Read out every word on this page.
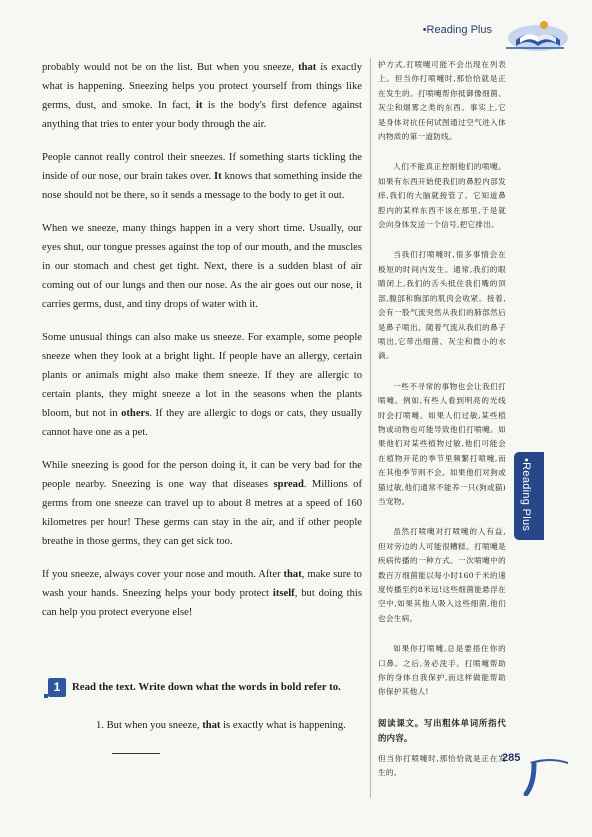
•Reading Plus

probably would not be on the list. But when you sneeze, that is exactly what is happening. Sneezing helps you protect yourself from things like germs, dust, and smoke. In fact, it is the body's first defence against anything that tries to enter your body through the air.

People cannot really control their sneezes. If something starts tickling the inside of our nose, our brain takes over. It knows that something inside the nose should not be there, so it sends a message to the body to get it out.

When we sneeze, many things happen in a very short time. Usually, our eyes shut, our tongue presses against the top of our mouth, and the muscles in our stomach and chest get tight. Next, there is a sudden blast of air coming out of our lungs and then our nose. As the air goes out our nose, it carries germs, dust, and tiny drops of water with it.

Some unusual things can also make us sneeze. For example, some people sneeze when they look at a bright light. If people have an allergy, certain plants or animals might also make them sneeze. If they are allergic to certain plants, they might sneeze a lot in the seasons when the plants bloom, but not in others. If they are allergic to dogs or cats, they usually cannot have one as a pet.

While sneezing is good for the person doing it, it can be very bad for the people nearby. Sneezing is one way that diseases spread. Millions of germs from one sneeze can travel up to about 8 metres at a speed of 160 kilometres per hour! These germs can stay in the air, and if other people breathe in those germs, they can get sick too.

If you sneeze, always cover your nose and mouth. After that, make sure to wash your hands. Sneezing helps your body protect itself, but doing this can help you protect everyone else!

护方式,打喷嚏可能不会出现在列表上。但当你打喷嚏时,那恰恰就是正在发生的。打喷嚏帮你抵御像细菌、灰尘和烟雾之类的东西。事实上,它是身体对抗任何试图通过空气进入体内物质的第一道防线。

人们不能真正控制他们的喷嚏。如果有东西开始使我们的鼻腔内部发痒,我们的大脑就接管了。它知道鼻腔内的某样东西不该在那里,于是就会向身体发送一个信号,把它排出。

当我们打喷嚏时,很多事情会在极短的时间内发生。通常,我们的眼睛闭上,我们的舌头抵住我们嘴的顶部,腹部和胸部的肌肉会收紧。接着,会有一股气流突然从我们的肺部然后是鼻子喷出。随着气流从我们的鼻子喷出,它带出细菌、灰尘和微小的水滴。

一些不寻常的事物也会让我们打喷嚏。例如,有些人看到明亮的光线时会打喷嚏。如果人们过敏,某些植物或动物也可能导致他们打喷嚏。如果他们对某些植物过敏,他们可能会在植物开花的季节里频繁打喷嚏,而在其他季节则不会。如果他们对狗或猫过敏,他们通常不能养一只(狗或猫)当宠物。

虽然打喷嚏对打喷嚏的人有益,但对旁边的人可能很糟糕。打喷嚏是疾病传播的一种方式。一次喷嚏中的数百万细菌能以每小时160千米的速度传播至约8米远!这些细菌能悬浮在空中,如果其他人吸入这些细菌,他们也会生病。

如果你打喷嚏,总是要捂住你的口鼻。之后,务必洗手。打喷嚏帮助你的身体自我保护,而这样做能帮助你保护其他人!

阅读课文。写出粗体单词所指代的内容。

但当你打喷嚏时,那恰恰就是正在发生的。

•Reading Plus
1	Read the text. Write down what the words in bold refer to.
1. But when you sneeze, that is exactly what is happening.
285
